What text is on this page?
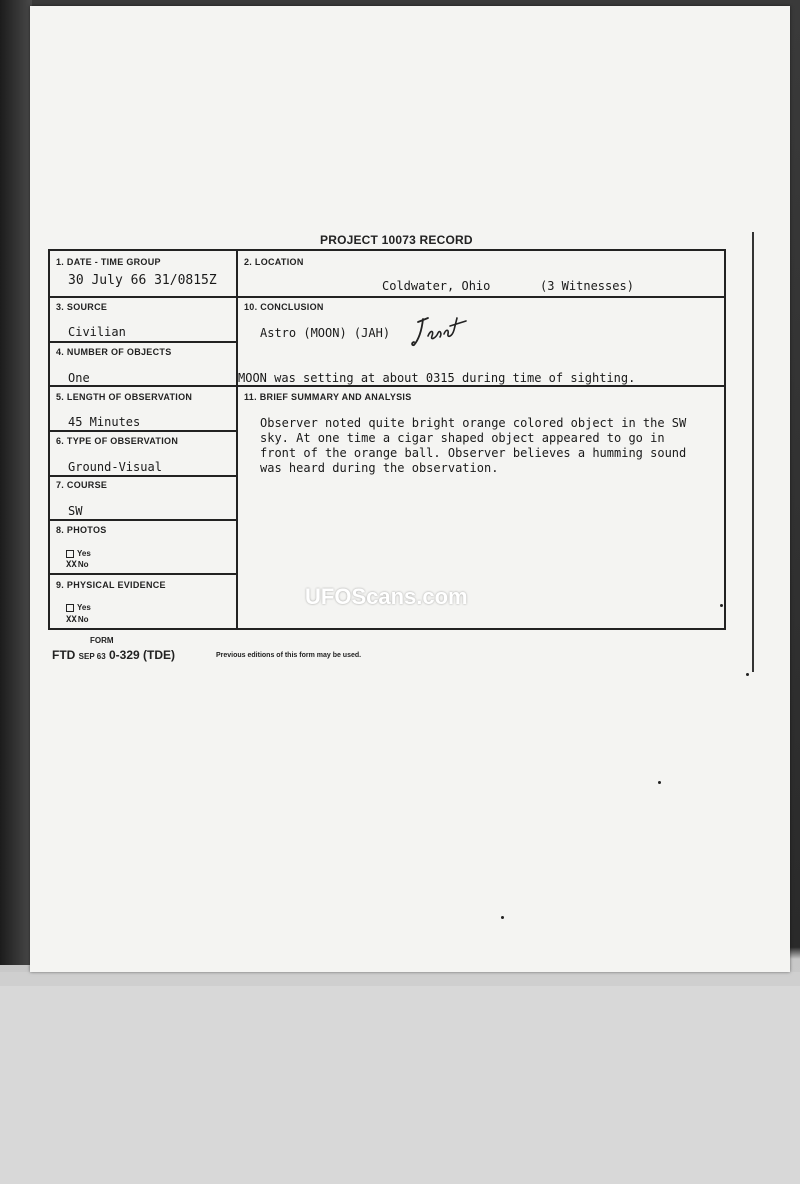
PROJECT 10073 RECORD
1. DATE - TIME GROUP
30 July 66 31/0815Z
2. LOCATION
Coldwater, Ohio	(3 Witnesses)
3. SOURCE
Civilian
10. CONCLUSION
Astro (MOON) (JAH)
MOON was setting at about 0315 during time of sighting.
4. NUMBER OF OBJECTS
One
5. LENGTH OF OBSERVATION
45 Minutes
11. BRIEF SUMMARY AND ANALYSIS
Observer noted quite bright orange colored object in the SW
sky. At one time a cigar shaped object appeared to go in
front of the orange ball. Observer believes a humming sound
was heard during the observation.
6. TYPE OF OBSERVATION
Ground-Visual
7. COURSE
SW
8. PHOTOS
Yes
XXNo
9. PHYSICAL EVIDENCE
Yes
XXNo
FORM
FTD SEP 63 0-329 (TDE)	Previous editions of this form may be used.
UFOScans.com
